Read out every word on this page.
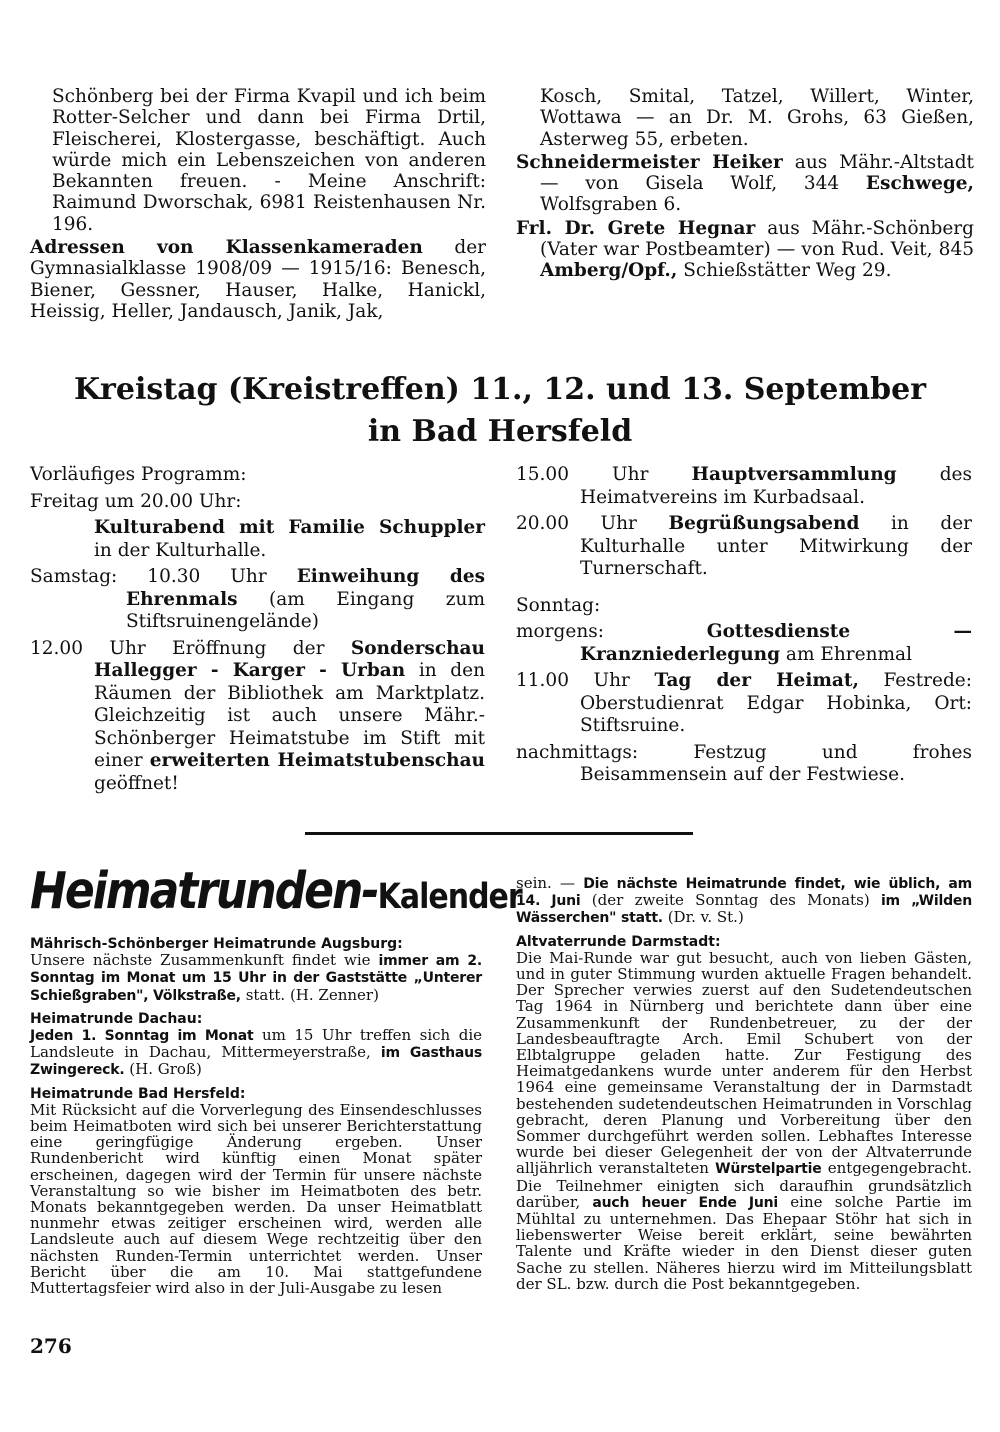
Schönberg bei der Firma Kvapil und ich beim Rotter-Selcher und dann bei Firma Drtil, Fleischerei, Klostergasse, beschäftigt. Auch würde mich ein Lebenszeichen von anderen Bekannten freuen. - Meine Anschrift: Raimund Dworschak, 6981 Reistenhausen Nr. 196.

Adressen von Klassenkameraden der Gymnasialklasse 1908/09 — 1915/16: Benesch, Biener, Gessner, Hauser, Halke, Hanickl, Heissig, Heller, Jandausch, Janik, Jak,

Kosch, Smital, Tatzel, Willert, Winter, Wottawa — an Dr. M. Grohs, 63 Gießen, Asterweg 55, erbeten.

Schneidermeister Heiker aus Mähr.-Altstadt — von Gisela Wolf, 344 Eschwege, Wolfsgraben 6.

Frl. Dr. Grete Hegnar aus Mähr.-Schönberg (Vater war Postbeamter) — von Rud. Veit, 845 Amberg/Opf., Schießstätter Weg 29.

Kreistag (Kreistreffen) 11., 12. und 13. September
in Bad Hersfeld

Vorläufiges Programm:

Freitag um 20.00 Uhr:

Kulturabend mit Familie Schuppler in der Kulturhalle.

Samstag: 10.30 Uhr Einweihung des Ehrenmals (am Eingang zum Stiftsruinengelände)

12.00 Uhr Eröffnung der Sonderschau Hallegger - Karger - Urban in den Räumen der Bibliothek am Marktplatz. Gleichzeitig ist auch unsere Mähr.-Schönberger Heimatstube im Stift mit einer erweiterten Heimatstubenschau geöffnet!

15.00 Uhr Hauptversammlung des Heimatvereins im Kurbadsaal.

20.00 Uhr Begrüßungsabend in der Kulturhalle unter Mitwirkung der Turnerschaft.

Sonntag:

morgens: Gottesdienste — Kranzniederlegung am Ehrenmal

11.00 Uhr Tag der Heimat, Festrede: Oberstudienrat Edgar Hobinka, Ort: Stiftsruine.

nachmittags: Festzug und frohes Beisammensein auf der Festwiese.

Heimatrunden-Kalender
Mährisch-Schönberger Heimatrunde Augsburg:

Unsere nächste Zusammenkunft findet wie immer am 2. Sonntag im Monat um 15 Uhr in der Gaststätte „Unterer Schießgraben", Völkstraße, statt. (H. Zenner)

Heimatrunde Dachau:

Jeden 1. Sonntag im Monat um 15 Uhr treffen sich die Landsleute in Dachau, Mittermeyerstraße, im Gasthaus Zwingereck. (H. Groß)

Heimatrunde Bad Hersfeld:

Mit Rücksicht auf die Vorverlegung des Einsendeschlusses beim Heimatboten wird sich bei unserer Berichterstattung eine geringfügige Änderung ergeben. Unser Rundenbericht wird künftig einen Monat später erscheinen, dagegen wird der Termin für unsere nächste Veranstaltung so wie bisher im Heimatboten des betr. Monats bekanntgegeben werden. Da unser Heimatblatt nunmehr etwas zeitiger erscheinen wird, werden alle Landsleute auch auf diesem Wege rechtzeitig über den nächsten Runden-Termin unterrichtet werden. Unser Bericht über die am 10. Mai stattgefundene Muttertagsfeier wird also in der Juli-Ausgabe zu lesen

sein. — Die nächste Heimatrunde findet, wie üblich, am 14. Juni (der zweite Sonntag des Monats) im „Wilden Wässerchen" statt. (Dr. v. St.)

Altvaterrunde Darmstadt:

Die Mai-Runde war gut besucht, auch von lieben Gästen, und in guter Stimmung wurden aktuelle Fragen behandelt. Der Sprecher verwies zuerst auf den Sudetendeutschen Tag 1964 in Nürnberg und berichtete dann über eine Zusammenkunft der Rundenbetreuer, zu der der Landesbeauftragte Arch. Emil Schubert von der Elbtalgruppe geladen hatte. Zur Festigung des Heimatgedankens wurde unter anderem für den Herbst 1964 eine gemeinsame Veranstaltung der in Darmstadt bestehenden sudetendeutschen Heimatrunden in Vorschlag gebracht, deren Planung und Vorbereitung über den Sommer durchgeführt werden sollen. Lebhaftes Interesse wurde bei dieser Gelegenheit der von der Altvaterrunde alljährlich veranstalteten Würstelpartie entgegengebracht. Die Teilnehmer einigten sich daraufhin grundsätzlich darüber, auch heuer Ende Juni eine solche Partie im Mühltal zu unternehmen. Das Ehepaar Stöhr hat sich in liebenswerter Weise bereit erklärt, seine bewährten Talente und Kräfte wieder in den Dienst dieser guten Sache zu stellen. Näheres hierzu wird im Mitteilungsblatt der SL. bzw. durch die Post bekanntgegeben.

276
